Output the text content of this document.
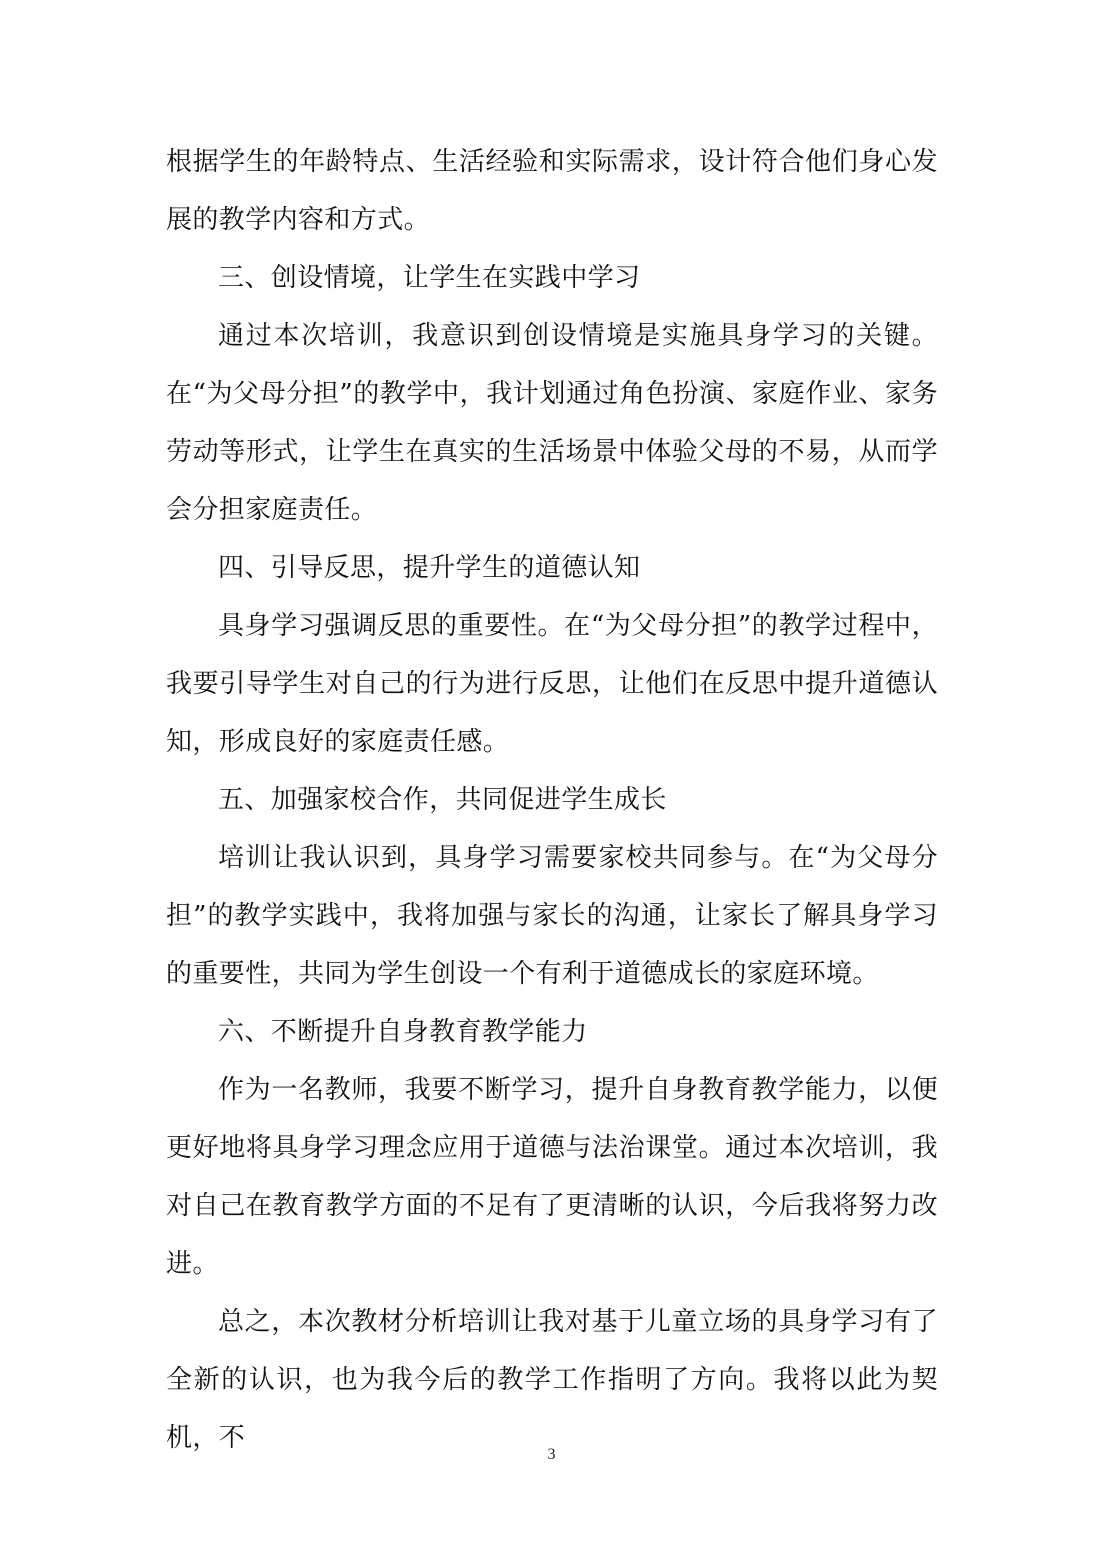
根据学生的年龄特点、生活经验和实际需求，设计符合他们身心发展的教学内容和方式。

三、创设情境，让学生在实践中学习

通过本次培训，我意识到创设情境是实施具身学习的关键。在“为父母分担”的教学中，我计划通过角色扮演、家庭作业、家务劳动等形式，让学生在真实的生活场景中体验父母的不易，从而学会分担家庭责任。

四、引导反思，提升学生的道德认知

具身学习强调反思的重要性。在“为父母分担”的教学过程中，我要引导学生对自己的行为进行反思，让他们在反思中提升道德认知，形成良好的家庭责任感。

五、加强家校合作，共同促进学生成长

培训让我认识到，具身学习需要家校共同参与。在“为父母分担”的教学实践中，我将加强与家长的沟通，让家长了解具身学习的重要性，共同为学生创设一个有利于道德成长的家庭环境。

六、不断提升自身教育教学能力

作为一名教师，我要不断学习，提升自身教育教学能力，以便更好地将具身学习理念应用于道德与法治课堂。通过本次培训，我对自己在教育教学方面的不足有了更清晰的认识，今后我将努力改进。

总之，本次教材分析培训让我对基于儿童立场的具身学习有了全新的认识，也为我今后的教学工作指明了方向。我将以此为契机，不

3
